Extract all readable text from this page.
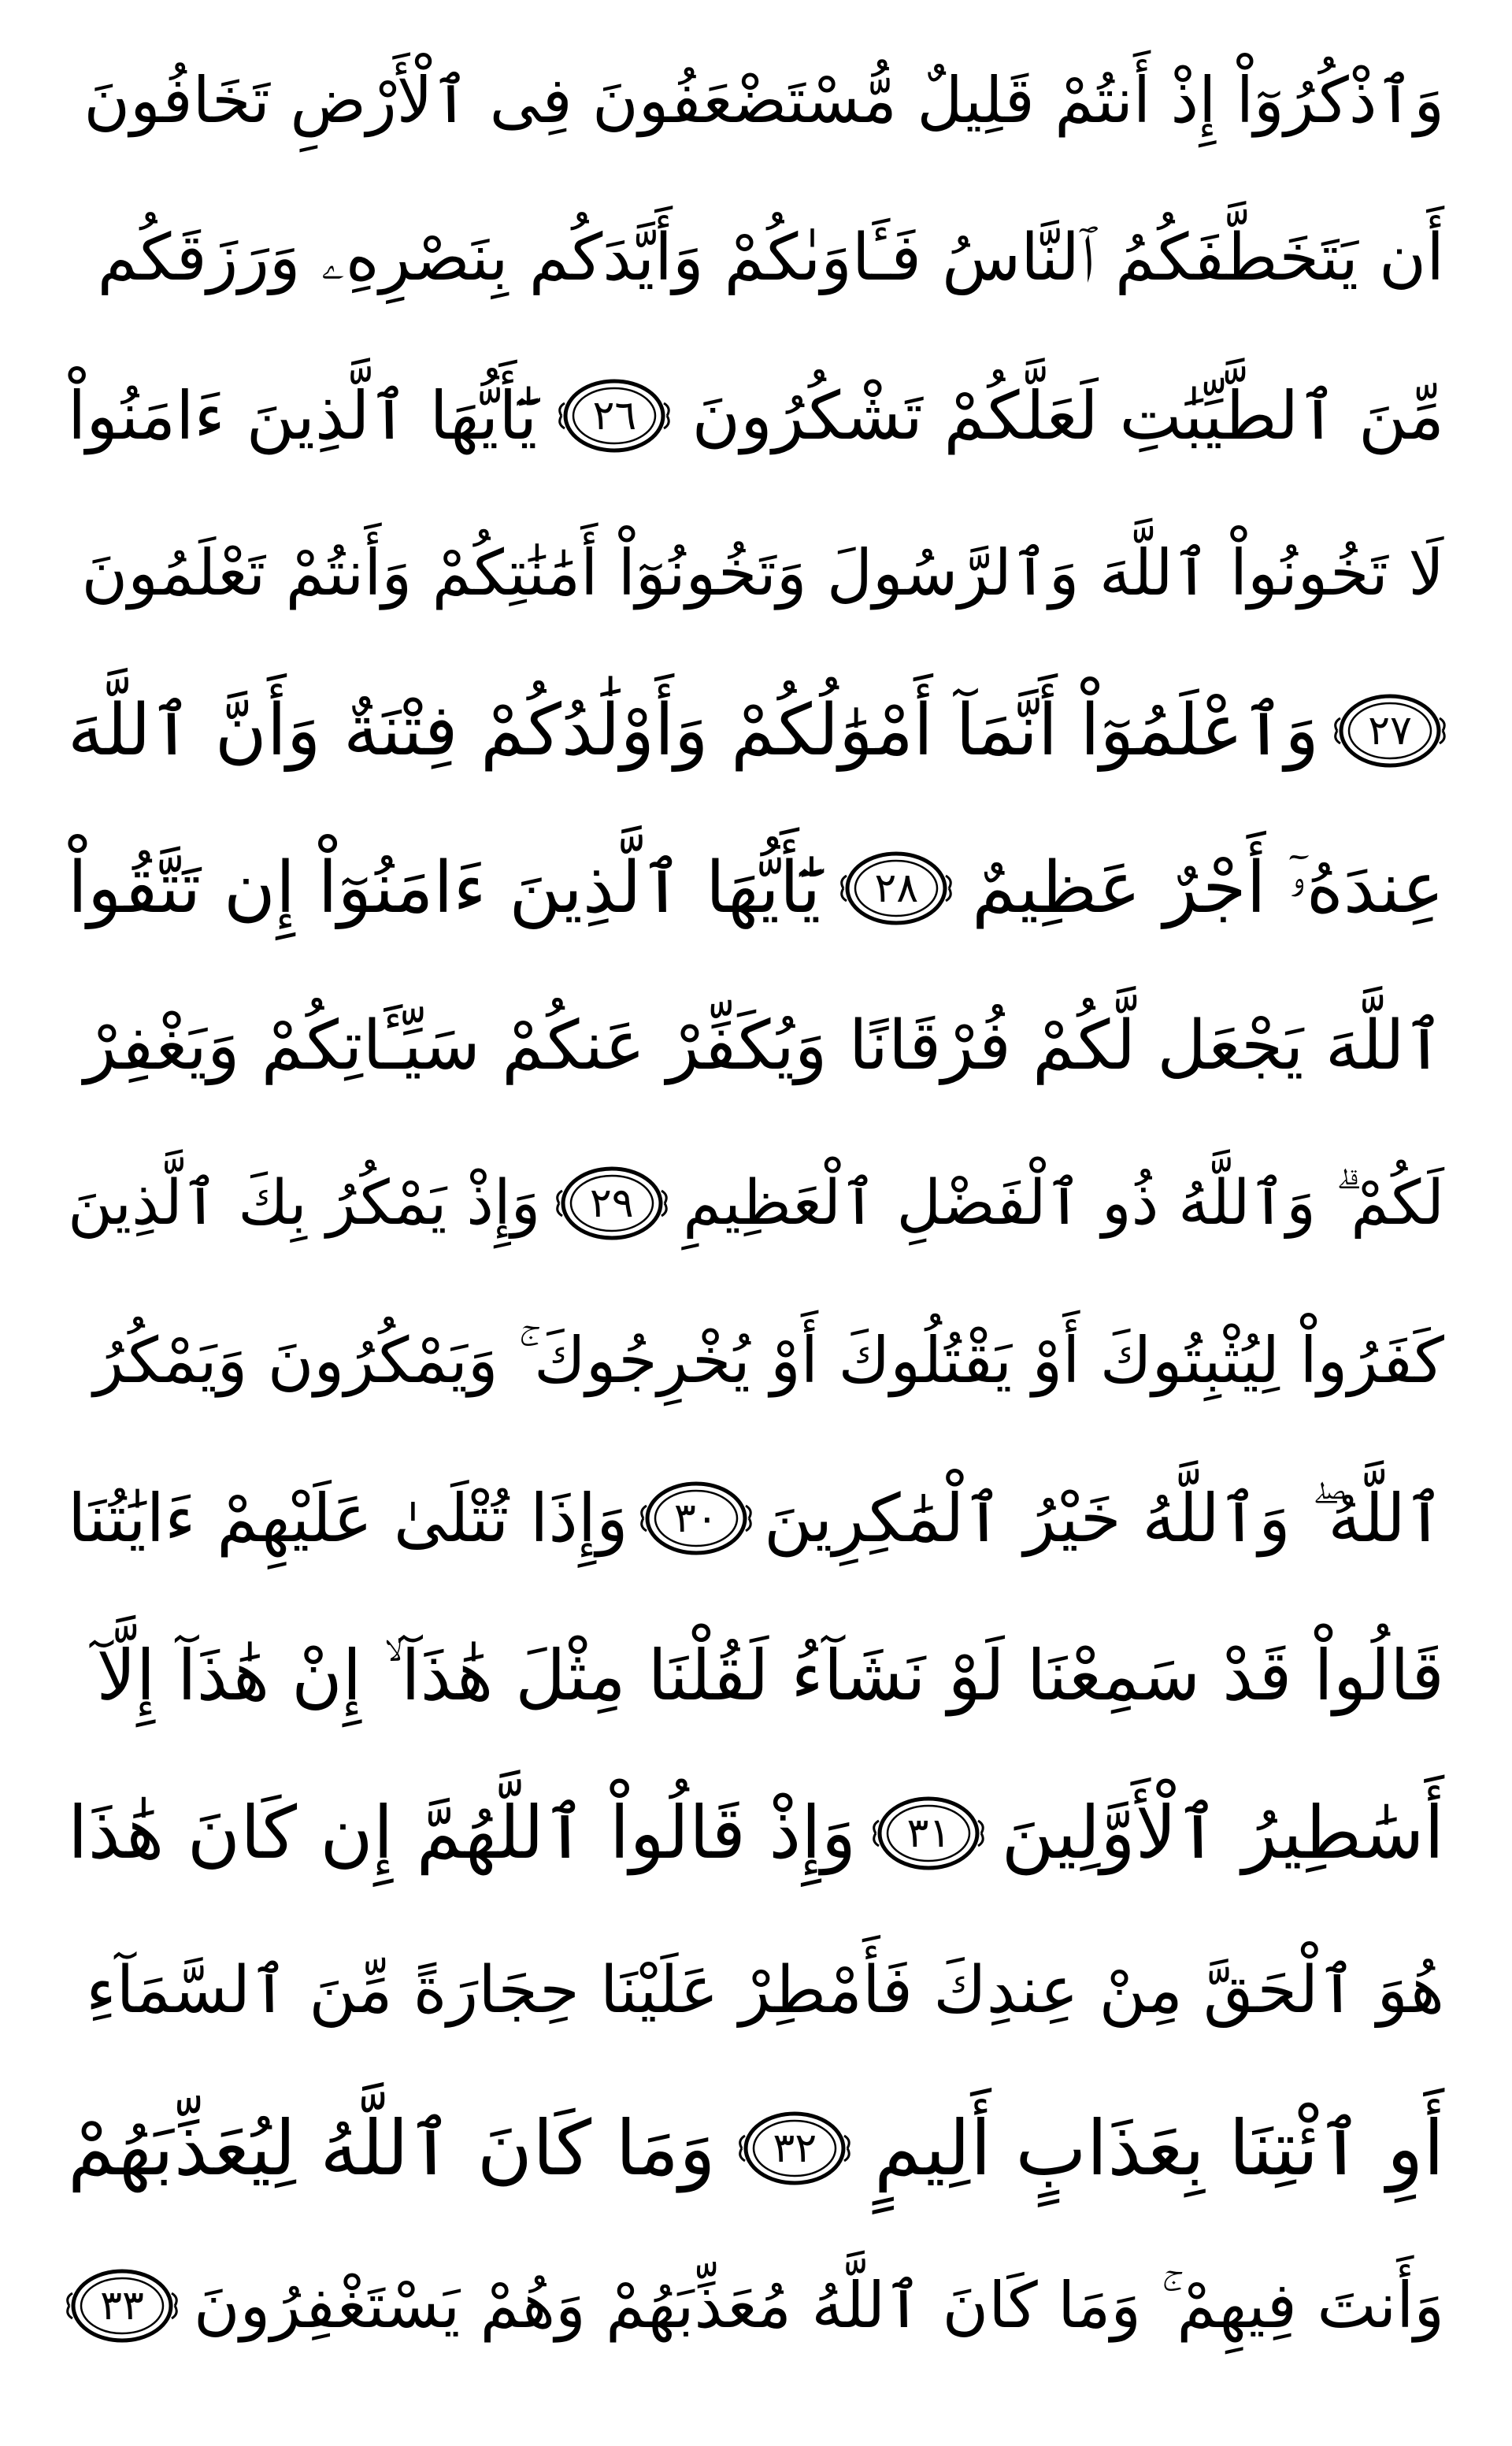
وَٱذْكُرُوٓاْ إِذْ أَنتُمْ قَلِيلٌ مُّسْتَضْعَفُونَ فِى ٱلْأَرْضِ تَخَافُونَ
أَن يَتَخَطَّفَكُمُ ٱلنَّاسُ فَـَٔاوَىٰكُمْ وَأَيَّدَكُم بِنَصْرِهِۦ وَرَزَقَكُم
مِّنَ ٱلطَّيِّبَٰتِ لَعَلَّكُمْ تَشْكُرُونَ
٢٦
يَٰٓأَيُّهَا ٱلَّذِينَ ءَامَنُواْ
لَا تَخُونُواْ ٱللَّهَ وَٱلرَّسُولَ وَتَخُونُوٓاْ أَمَٰنَٰتِكُمْ وَأَنتُمْ تَعْلَمُونَ
٢٧
وَٱعْلَمُوٓاْ أَنَّمَآ أَمْوَٰلُكُمْ وَأَوْلَٰدُكُمْ فِتْنَةٌ وَأَنَّ ٱللَّهَ
عِندَهُۥٓ أَجْرٌ عَظِيمٌ
٢٨
يَٰٓأَيُّهَا ٱلَّذِينَ ءَامَنُوٓاْ إِن تَتَّقُواْ
ٱللَّهَ يَجْعَل لَّكُمْ فُرْقَانًا وَيُكَفِّرْ عَنكُمْ سَيِّـَٔاتِكُمْ وَيَغْفِرْ
لَكُمْ ۗ وَٱللَّهُ ذُو ٱلْفَضْلِ ٱلْعَظِيمِ
٢٩
وَإِذْ يَمْكُرُ بِكَ ٱلَّذِينَ
كَفَرُواْ لِيُثْبِتُوكَ أَوْ يَقْتُلُوكَ أَوْ يُخْرِجُوكَ ۚ وَيَمْكُرُونَ وَيَمْكُرُ
ٱللَّهُ ۖ وَٱللَّهُ خَيْرُ ٱلْمَٰكِرِينَ
٣٠
وَإِذَا تُتْلَىٰ عَلَيْهِمْ ءَايَٰتُنَا
قَالُواْ قَدْ سَمِعْنَا لَوْ نَشَآءُ لَقُلْنَا مِثْلَ هَٰذَآ ۙ إِنْ هَٰذَآ إِلَّآ
أَسَٰطِيرُ ٱلْأَوَّلِينَ
٣١
وَإِذْ قَالُواْ ٱللَّهُمَّ إِن كَانَ هَٰذَا
هُوَ ٱلْحَقَّ مِنْ عِندِكَ فَأَمْطِرْ عَلَيْنَا حِجَارَةً مِّنَ ٱلسَّمَآءِ
أَوِ ٱئْتِنَا بِعَذَابٍ أَلِيمٍ
٣٢
وَمَا كَانَ ٱللَّهُ لِيُعَذِّبَهُمْ
وَأَنتَ فِيهِمْ ۚ وَمَا كَانَ ٱللَّهُ مُعَذِّبَهُمْ وَهُمْ يَسْتَغْفِرُونَ
٣٣
